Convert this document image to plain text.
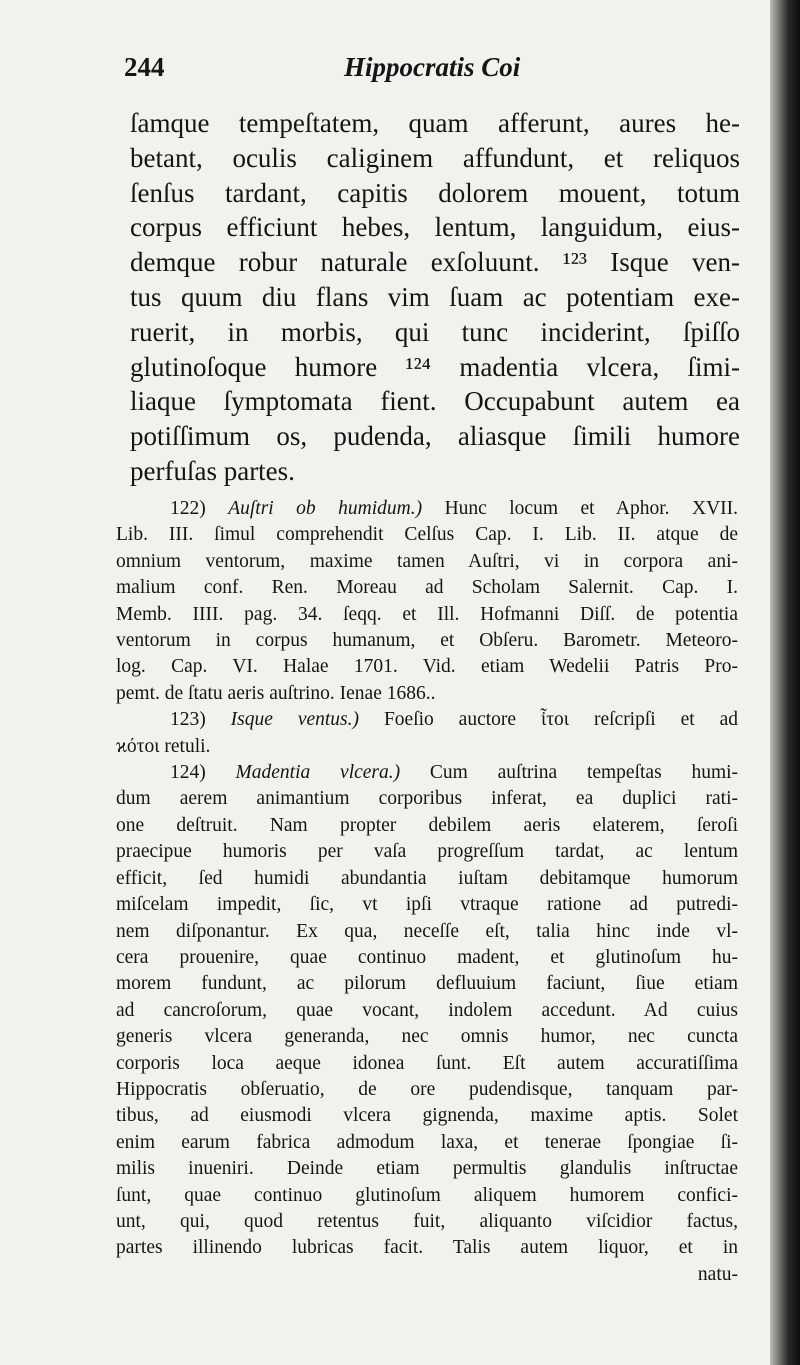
244	Hippocratis Coi
ſamque tempeſtatem, quam afferunt, aures he-
betant, oculis caliginem affundunt, et reliquos
ſenſus tardant, capitis dolorem mouent, totum
corpus efficiunt hebes, lentum, languidum, eius-
demque robur naturale exſoluunt. ¹²³ Isque ven-
tus quum diu flans vim ſuam ac potentiam exe-
ruerit, in morbis, qui tunc inciderint, ſpiſſo
glutinoſoque humore ¹²⁴ madentia vlcera, ſimi-
liaque ſymptomata fient. Occupabunt autem ea
potiſſimum os, pudenda, aliasque ſimili humore
perfuſas partes.
122) Auſtri ob humidum.) Hunc locum et Aphor. XVII.
Lib. III. ſimul comprehendit Celſus Cap. I. Lib. II. atque de
omnium ventorum, maxime tamen Auſtri, vi in corpora ani-
malium conf. Ren. Moreau ad Scholam Salernit. Cap. I.
Memb. IIII. pag. 34. ſeqq. et Ill. Hofmanni Diſſ. de potentia
ventorum in corpus humanum, et Obſeru. Barometr. Meteoro-
log. Cap. VI. Halae 1701. Vid. etiam Wedelii Patris Pro-
pemt. de ſtatu aeris auſtrino. Ienae 1686..
123) Isque ventus.) Foeſio auctore ἶτοι reſcripſi et ad
ϰότοι retuli.
124) Madentia vlcera.) Cum auſtrina tempeſtas humi-
dum aerem animantium corporibus inferat, ea duplici rati-
one deſtruit. Nam propter debilem aeris elaterem, ſeroſi
praecipue humoris per vaſa progreſſum tardat, ac lentum
efficit, ſed humidi abundantia iuſtam debitamque humorum
miſcelam impedit, ſic, vt ipſi vtraque ratione ad putredi-
nem diſponantur. Ex qua, neceſſe eſt, talia hinc inde vl-
cera prouenire, quae continuo madent, et glutinoſum hu-
morem fundunt, ac pilorum defluuium faciunt, ſiue etiam
ad cancroſorum, quae vocant, indolem accedunt. Ad cuius
generis vlcera generanda, nec omnis humor, nec cuncta
corporis loca aeque idonea ſunt. Eſt autem accuratiſſima
Hippocratis obſeruatio, de ore pudendisque, tanquam par-
tibus, ad eiusmodi vlcera gignenda, maxime aptis. Solet
enim earum fabrica admodum laxa, et tenerae ſpongiae ſi-
milis inueniri. Deinde etiam permultis glandulis inſtructae
ſunt, quae continuo glutinoſum aliquem humorem confici-
unt, qui, quod retentus fuit, aliquanto viſcidior factus,
partes illinendo lubricas facit. Talis autem liquor, et in
natu-
